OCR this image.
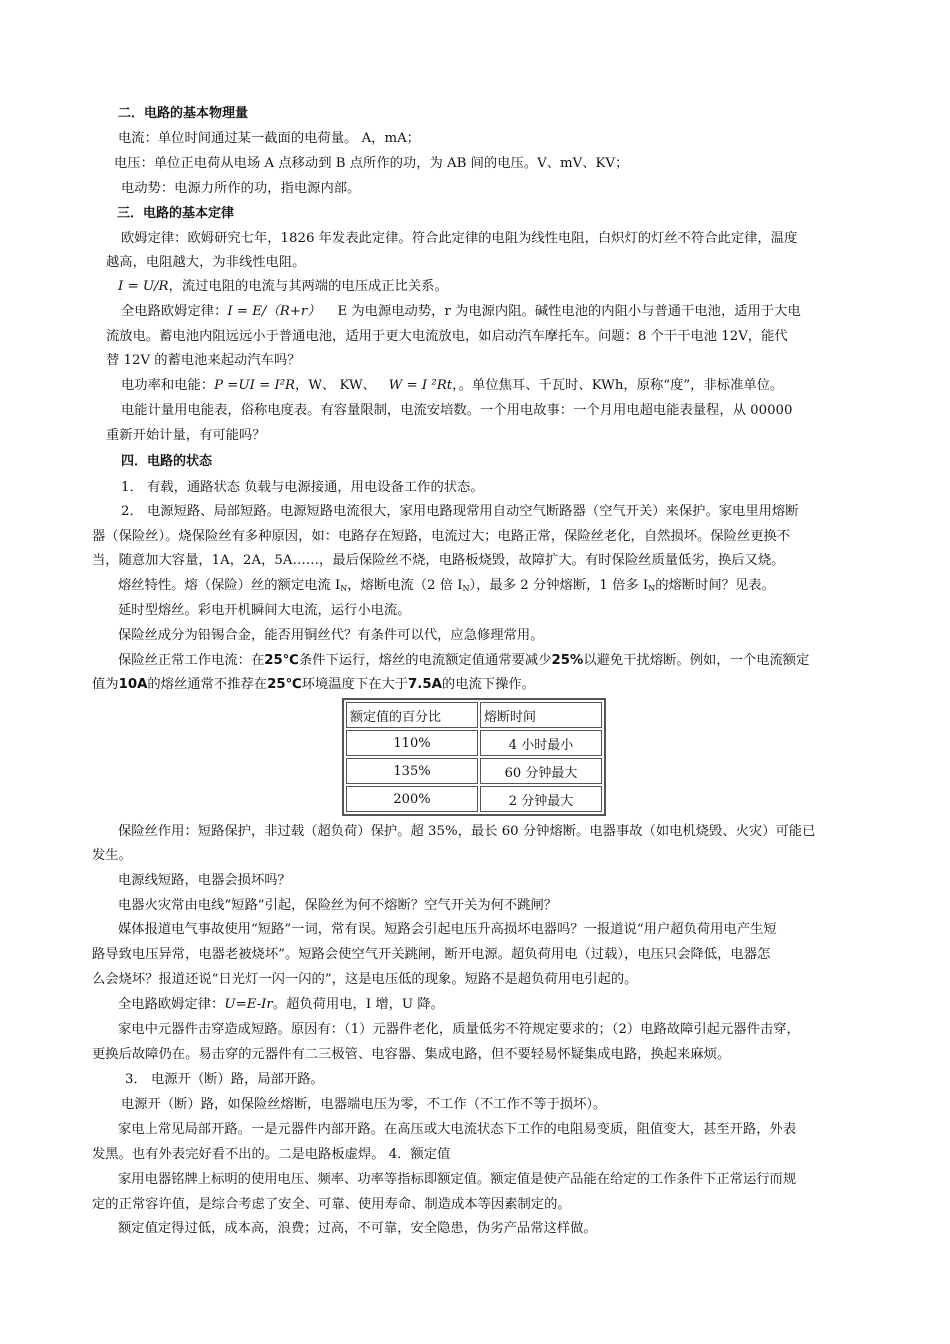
二．电路的基本物理量
电流：单位时间通过某一截面的电荷量。 A，mA；
电压：单位正电荷从电场 A 点移动到 B 点所作的功，为 AB 间的电压。V、mV、KV；
电动势：电源力所作的功，指电源内部。
三．电路的基本定律
欧姆定律：欧姆研究七年，1826 年发表此定律。符合此定律的电阻为线性电阻，白炽灯的灯丝不符合此定律，温度
越高，电阻越大，为非线性电阻。
I = U/R，流过电阻的电流与其两端的电压成正比关系。
全电路欧姆定律：I = E/（R+r） E 为电源电动势，r 为电源内阻。碱性电池的内阻小与普通干电池，适用于大电
流放电。蓄电池内阻远远小于普通电池，适用于更大电流放电，如启动汽车摩托车。问题：8 个干干电池 12V，能代
替 12V 的蓄电池来起动汽车吗？
电功率和电能：P =UI = I²R，W、 KW、 W = I ²Rt，。单位焦耳、千瓦时、KWh，原称“度”，非标准单位。
电能计量用电能表，俗称电度表。有容量限制，电流安培数。一个用电故事：一个月用电超电能表量程，从 00000
重新开始计量，有可能吗？
四．电路的状态
1． 有载，通路状态 负载与电源接通，用电设备工作的状态。
2． 电源短路、局部短路。电源短路电流很大，家用电路现常用自动空气断路器（空气开关）来保护。家电里用熔断
器（保险丝）。烧保险丝有多种原因，如：电路存在短路，电流过大；电路正常，保险丝老化，自然损坏。保险丝更换不
当，随意加大容量，1A，2A，5A……，最后保险丝不烧，电路板烧毁，故障扩大。有时保险丝质量低劣，换后又烧。
熔丝特性。熔（保险）丝的额定电流 $I_N$，熔断电流（2 倍 $I_N$），最多 2 分钟熔断，1 倍多 $I_N$的熔断时间？见表。
延时型熔丝。彩电开机瞬间大电流，运行小电流。
保险丝成分为铅锡合金，能否用铜丝代？有条件可以代，应急修理常用。
保险丝正常工作电流：在25℃条件下运行，熔丝的电流额定值通常要减少25%以避免干扰熔断。例如，一个电流额定
值为10A的熔丝通常不推荐在25℃环境温度下在大于7.5A的电流下操作。
额定值的百分比	熔断时间
110%	4 小时最小
135%	60 分钟最大
200%	2 分钟最大
保险丝作用：短路保护，非过载（超负荷）保护。超 35%，最长 60 分钟熔断。电器事故（如电机烧毁、火灾）可能已
发生。
电源线短路，电器会损坏吗？
电器火灾常由电线“短路”引起，保险丝为何不熔断？空气开关为何不跳闸？
媒体报道电气事故使用“短路”一词，常有误。短路会引起电压升高损坏电器吗？一报道说“用户超负荷用电产生短
路导致电压异常，电器老被烧坏”。短路会使空气开关跳闸，断开电源。超负荷用电（过载），电压只会降低，电器怎
么会烧坏？报道还说“日光灯一闪一闪的”，这是电压低的现象。短路不是超负荷用电引起的。
全电路欧姆定律：U=E-Ir。超负荷用电，I 增，U 降。
家电中元器件击穿造成短路。原因有：（1）元器件老化，质量低劣不符规定要求的；（2）电路故障引起元器件击穿，
更换后故障仍在。易击穿的元器件有二三极管、电容器、集成电路，但不要轻易怀疑集成电路，换起来麻烦。
3． 电源开（断）路，局部开路。
电源开（断）路，如保险丝熔断，电器端电压为零，不工作（不工作不等于损坏）。
家电上常见局部开路。一是元器件内部开路。在高压或大电流状态下工作的电阻易变质，阻值变大，甚至开路，外表
发黑。也有外表完好看不出的。二是电路板虚焊。 4．额定值
家用电器铭牌上标明的使用电压、频率、功率等指标即额定值。额定值是使产品能在给定的工作条件下正常运行而规
定的正常容许值，是综合考虑了安全、可靠、使用寿命、制造成本等因素制定的。
额定值定得过低，成本高，浪费；过高，不可靠，安全隐患，伪劣产品常这样做。
